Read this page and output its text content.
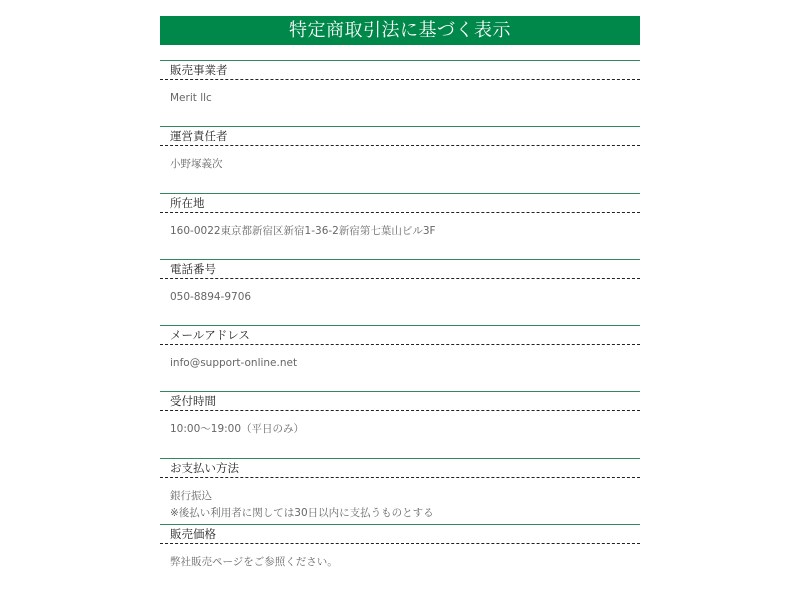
特定商取引法に基づく表示
販売事業者
Merit llc
運営責任者
小野塚義次
所在地
160-0022東京都新宿区新宿1-36-2新宿第七葉山ビル3F
電話番号
050-8894-9706
メールアドレス
info@support-online.net
受付時間
10:00～19:00（平日のみ）
お支払い方法
銀行振込
※後払い利用者に関しては30日以内に支払うものとする
販売価格
弊社販売ページをご参照ください。
